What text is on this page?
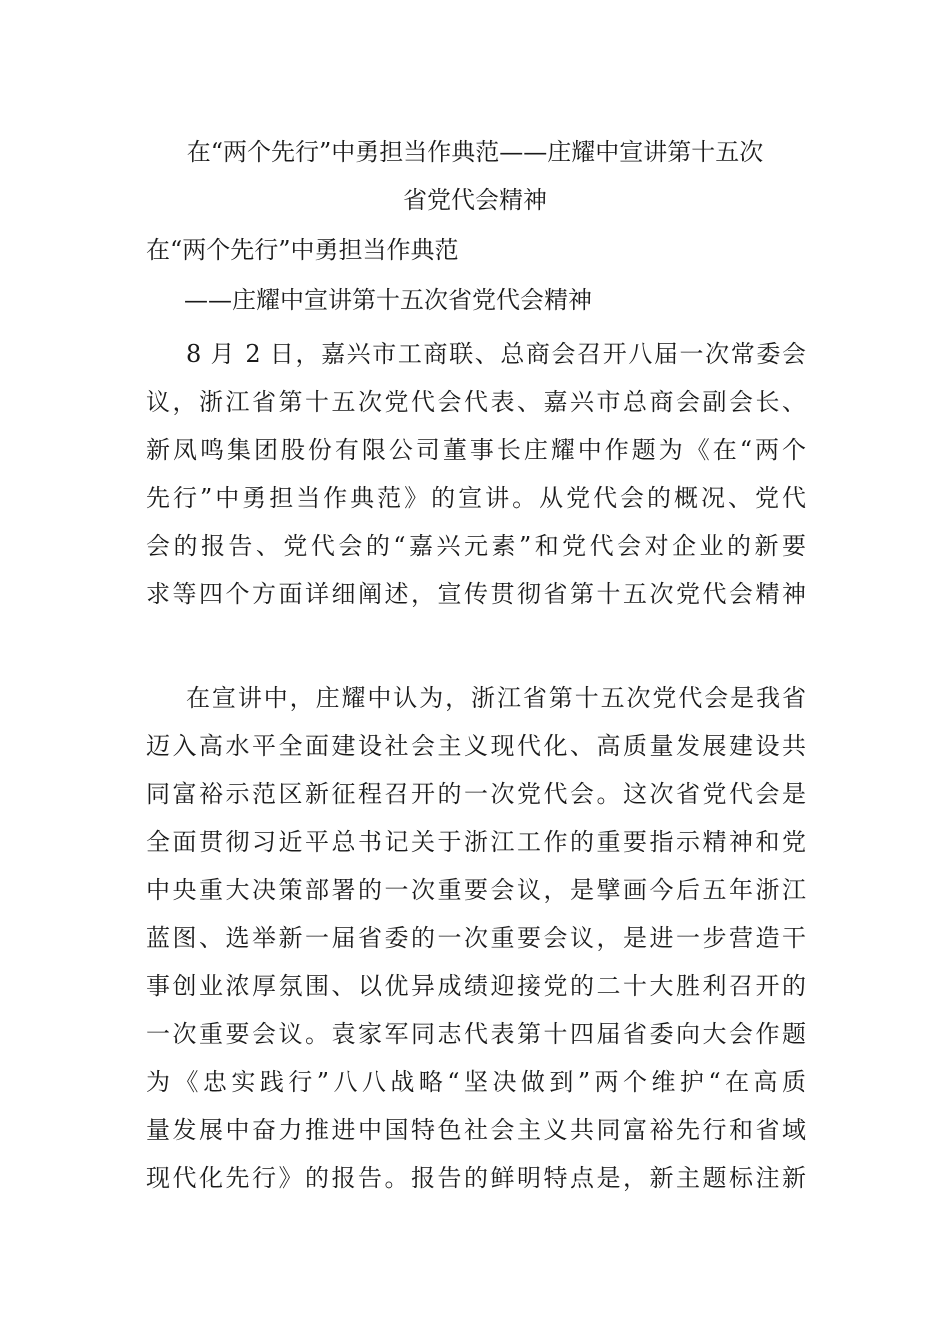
在“两个先行”中勇担当作典范——庄耀中宣讲第十五次
省党代会精神
在“两个先行”中勇担当作典范
——庄耀中宣讲第十五次省党代会精神
8 月 2 日，嘉兴市工商联、总商会召开八届一次常委会
议，浙江省第十五次党代会代表、嘉兴市总商会副会长、
新凤鸣集团股份有限公司董事长庄耀中作题为《在“两个
先行”中勇担当作典范》的宣讲。从党代会的概况、党代
会的报告、党代会的“嘉兴元素”和党代会对企业的新要
求等四个方面详细阐述，宣传贯彻省第十五次党代会精神
在宣讲中，庄耀中认为，浙江省第十五次党代会是我省
迈入高水平全面建设社会主义现代化、高质量发展建设共
同富裕示范区新征程召开的一次党代会。这次省党代会是
全面贯彻习近平总书记关于浙江工作的重要指示精神和党
中央重大决策部署的一次重要会议，是擘画今后五年浙江
蓝图、选举新一届省委的一次重要会议，是进一步营造干
事创业浓厚氛围、以优异成绩迎接党的二十大胜利召开的
一次重要会议。袁家军同志代表第十四届省委向大会作题
为《忠实践行”八八战略“坚决做到”两个维护“在高质
量发展中奋力推进中国特色社会主义共同富裕先行和省域
现代化先行》的报告。报告的鲜明特点是，新主题标注新
